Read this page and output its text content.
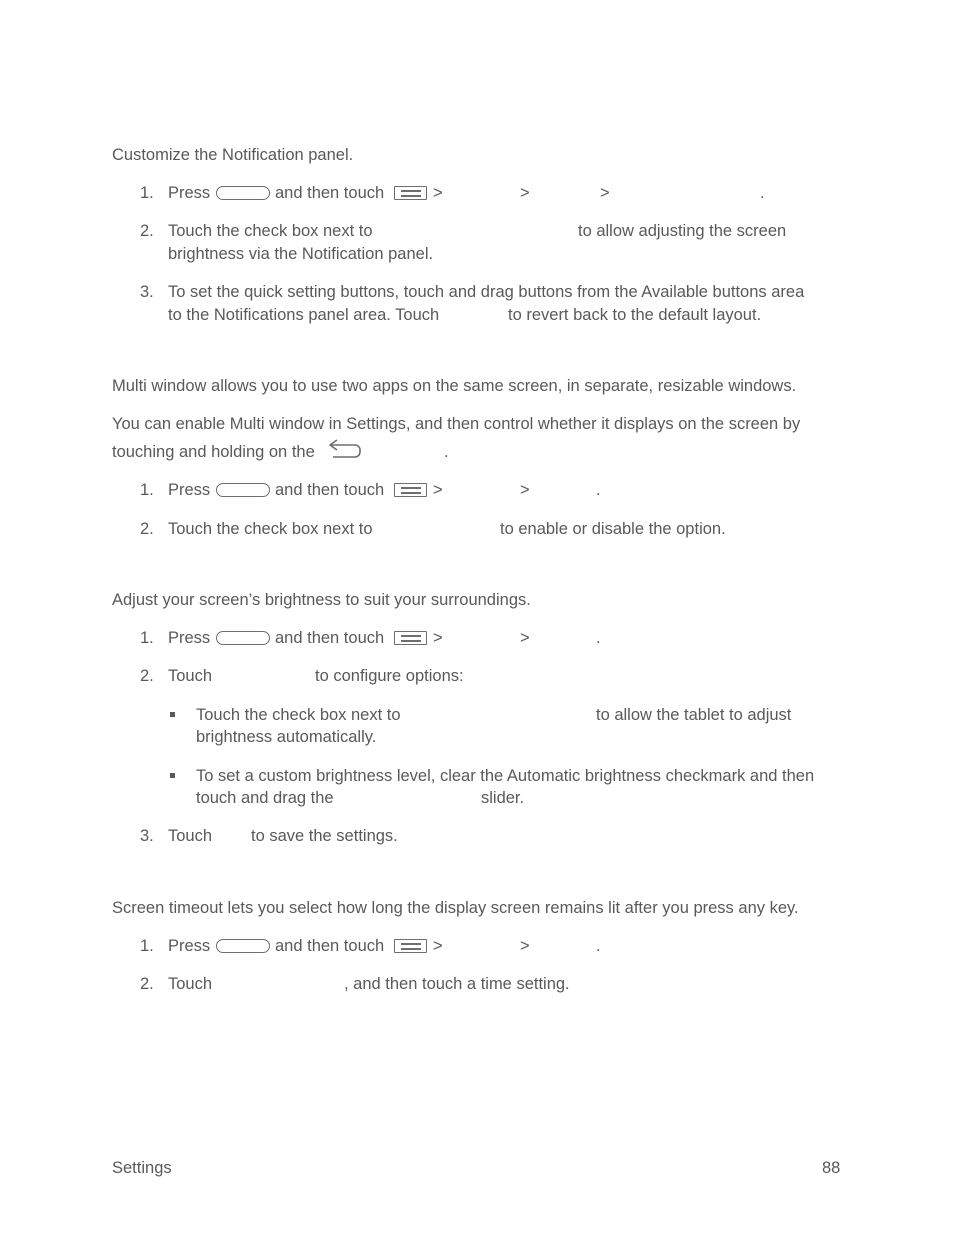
Customize the Notification panel.
1. Press	and then touch	>	>	>	.
2. Touch the check box next to	to allow adjusting the screen
brightness via the Notification panel.
3. To set the quick setting buttons, touch and drag buttons from the Available buttons area
to the Notifications panel area. Touch	to revert back to the default layout.
Multi window allows you to use two apps on the same screen, in separate, resizable windows.
You can enable Multi window in Settings, and then control whether it displays on the screen by
touching and holding on the	.
1. Press	and then touch	>	>	.
2. Touch the check box next to	to enable or disable the option.
Adjust your screen’s brightness to suit your surroundings.
1. Press	and then touch	>	>	.
2. Touch	to configure options:
Touch the check box next to	to allow the tablet to adjust
brightness automatically.
To set a custom brightness level, clear the Automatic brightness checkmark and then
touch and drag the	slider.
3. Touch to save the settings.
Screen timeout lets you select how long the display screen remains lit after you press any key.
1. Press	and then touch	>	>	.
2. Touch	, and then touch a time setting.
Settings	88
